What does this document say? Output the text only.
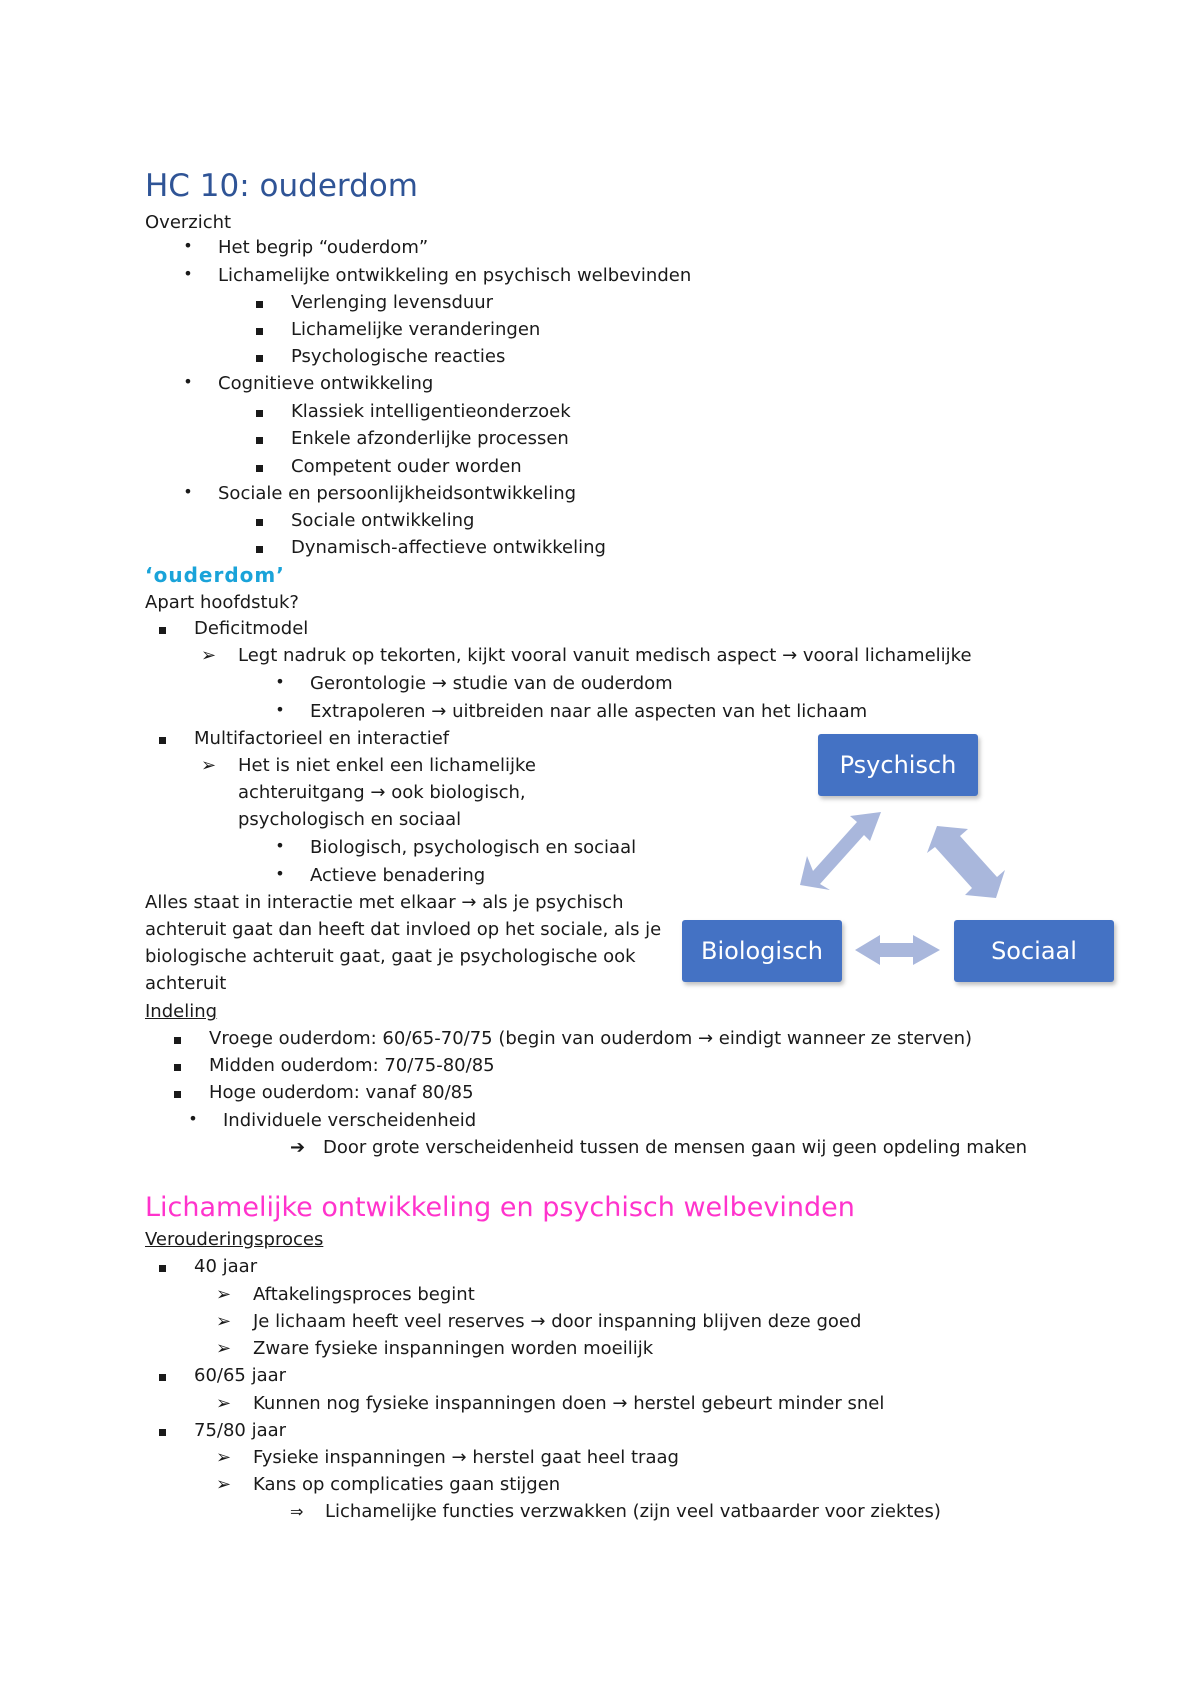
HC 10: ouderdom
Overzicht
• Het begrip “ouderdom”
• Lichamelijke ontwikkeling en psychisch welbevinden
Verlenging levensduur
Lichamelijke veranderingen
Psychologische reacties
• Cognitieve ontwikkeling
Klassiek intelligentieonderzoek
Enkele afzonderlijke processen
Competent ouder worden
• Sociale en persoonlijkheidsontwikkeling
Sociale ontwikkeling
Dynamisch-affectieve ontwikkeling
‘ouderdom’
Apart hoofdstuk?
Deficitmodel
➢ Legt nadruk op tekorten, kijkt vooral vanuit medisch aspect → vooral lichamelijke
• Gerontologie → studie van de ouderdom
• Extrapoleren → uitbreiden naar alle aspecten van het lichaam
Multifactorieel en interactief
➢ Het is niet enkel een lichamelijke
achteruitgang → ook biologisch,
psychologisch en sociaal
• Biologisch, psychologisch en sociaal
• Actieve benadering
Alles staat in interactie met elkaar → als je psychisch
achteruit gaat dan heeft dat invloed op het sociale, als je
biologische achteruit gaat, gaat je psychologische ook
achteruit
Indeling
Vroege ouderdom: 60/65-70/75 (begin van ouderdom → eindigt wanneer ze sterven)
Midden ouderdom: 70/75-80/85
Hoge ouderdom: vanaf 80/85
• Individuele verscheidenheid
➔ Door grote verscheidenheid tussen de mensen gaan wij geen opdeling maken
Lichamelijke ontwikkeling en psychisch welbevinden
Verouderingsproces
40 jaar
➢ Aftakelingsproces begint
➢ Je lichaam heeft veel reserves → door inspanning blijven deze goed
➢ Zware fysieke inspanningen worden moeilijk
60/65 jaar
➢ Kunnen nog fysieke inspanningen doen → herstel gebeurt minder snel
75/80 jaar
➢ Fysieke inspanningen → herstel gaat heel traag
➢ Kans op complicaties gaan stijgen
⇒ Lichamelijke functies verzwakken (zijn veel vatbaarder voor ziektes)
Psychisch
Biologisch	Sociaal
